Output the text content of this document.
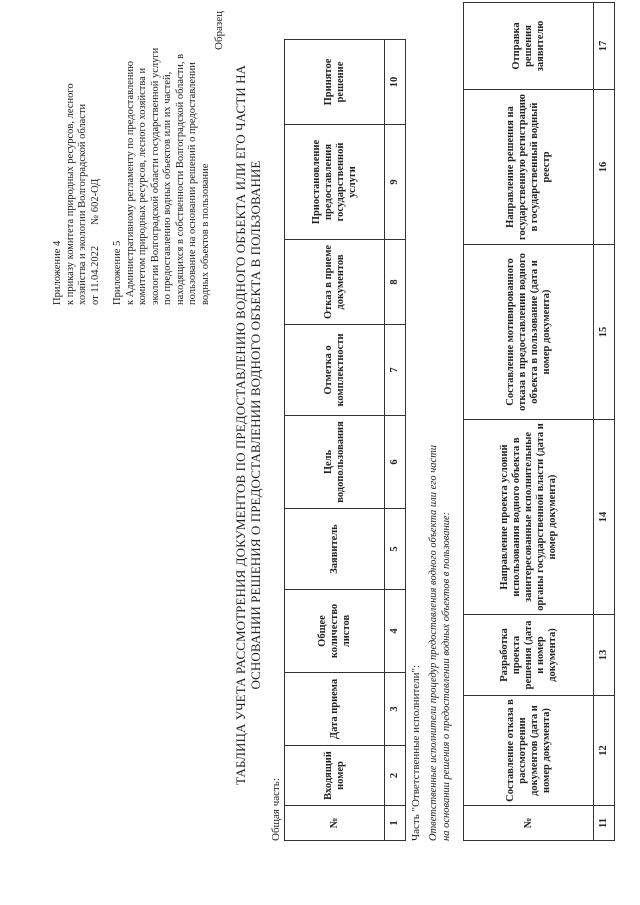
Приложение 4 к приказу комитета природных ресурсов, лесного хозяйства и экологии Волгоградской области от 11.04.2022        № 602-ОД Приложение 5 к Административному регламенту по предоставлению комитетом природных ресурсов, лесного хозяйства и экологии Волгоградской области государственной услуги по предоставлению водных объектов или их частей, находящихся в собственности Волгоградской области, в пользование на основании решений о предоставлении водных объектов в пользование

Образец
ТАБЛИЦА УЧЕТА РАССМОТРЕНИЯ ДОКУМЕНТОВ ПО ПРЕДОСТАВЛЕНИЮ ВОДНОГО ОБЪЕКТА ИЛИ ЕГО ЧАСТИ НА ОСНОВАНИИ РЕШЕНИЯ О ПРЕДОСТАВЛЕНИИ ВОДНОГО ОБЪЕКТА В ПОЛЬЗОВАНИЕ
Общая часть:	№	Входящий номер	Дата приема	Общее количество листов	Заявитель	Цель водопользования	Отметка о комплектности	Отказ в приеме документов	Приостановление предоставления государственной услуги	Принятое решение
1	2	3	4	5	6	7	8	9	10
Часть "Ответственные исполнители": Ответственные исполнители процедур предоставления водного объекта или его части на основании решения о предоставлении водных объектов в пользование:	№	Составление отказа в рассмотрении документов (дата и номер документа)	Разработка проекта решения (дата и номер документа)	Направление проекта условий использования водного объекта в заинтересованные исполнительные органы государственной власти (дата и номер документа)	Составление мотивированного отказа в предоставлении водного объекта в пользование (дата и номер документа)	Направление решения на государственную регистрацию в государственный водный реестр	Отправка решения заявителю
11	12	13	14	15	16	17
